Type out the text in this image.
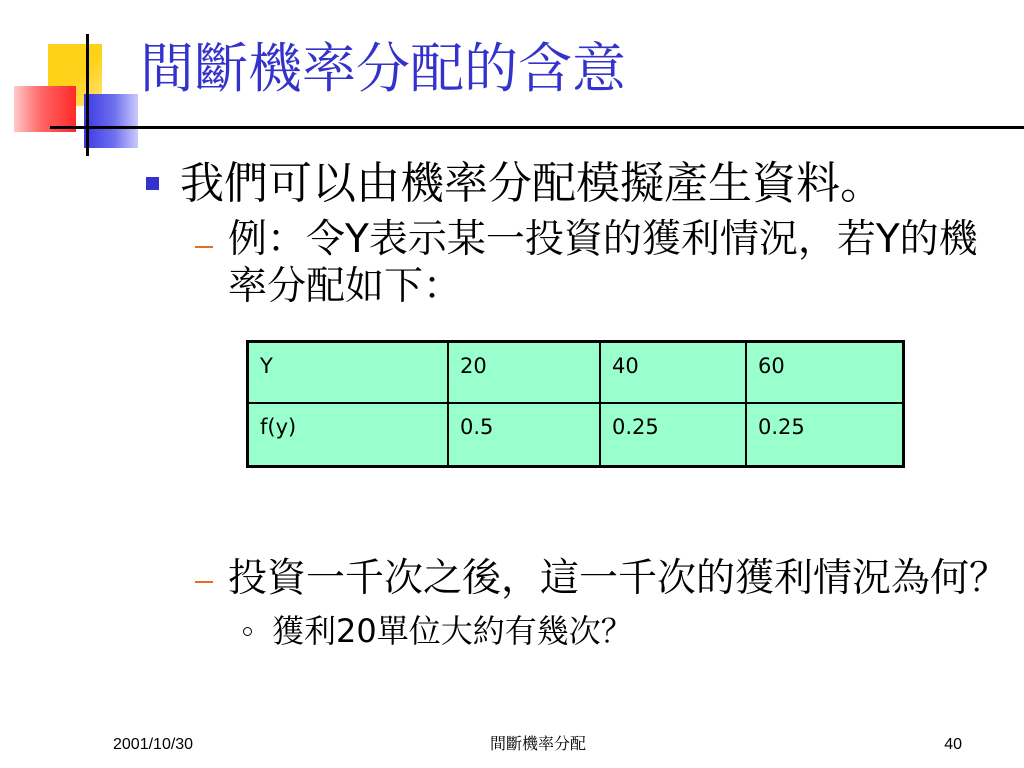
間斷機率分配的含意
我們可以由機率分配模擬產生資料。
例：令Y表示某一投資的獲利情況，若Y的機
率分配如下：
Y	20	40	60
f(y)	0.5	0.25	0.25
投資一千次之後，這一千次的獲利情況為何？
獲利20單位大約有幾次？
2001/10/30	間斷機率分配	40
